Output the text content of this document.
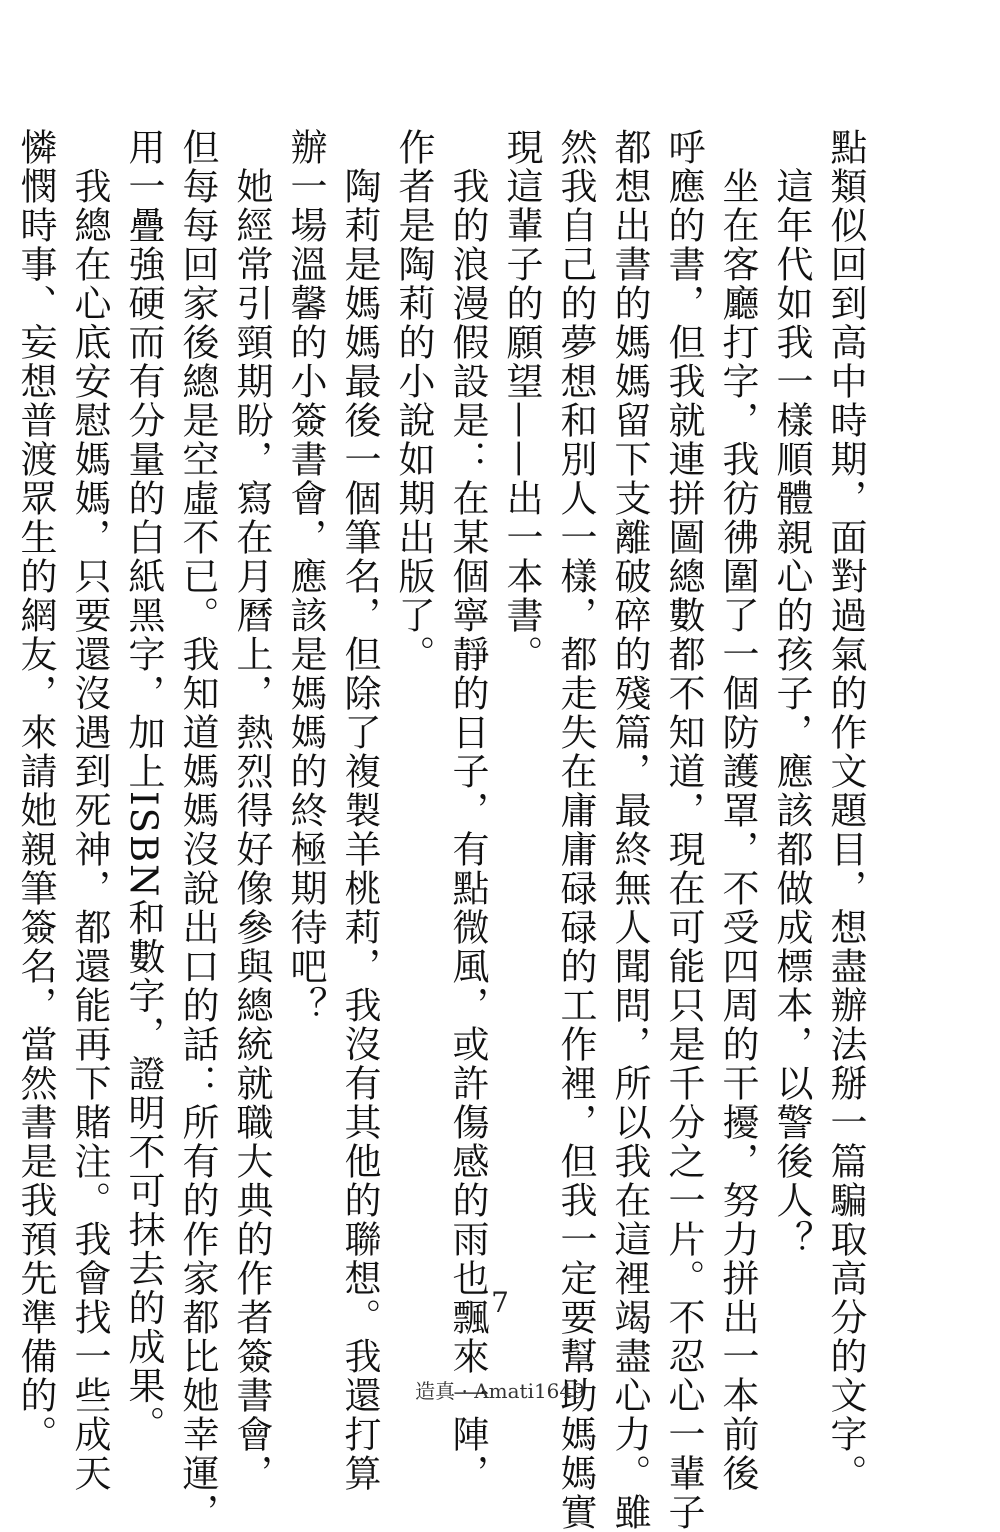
點類似回到高中時期，面對過氣的作文題目，想盡辦法掰一篇騙取高分的文字。
　這年代如我一樣順體親心的孩子，應該都做成標本，以警後人？
　坐在客廳打字，我彷彿圍了一個防護罩，不受四周的干擾，努力拼出一本前後
呼應的書，但我就連拼圖總數都不知道，現在可能只是千分之一片。不忍心一輩子
都想出書的媽媽留下支離破碎的殘篇，最終無人聞問，所以我在這裡竭盡心力。雖
然我自己的夢想和別人一樣，都走失在庸庸碌碌的工作裡，但我一定要幫助媽媽實
現這輩子的願望——出一本書。
　我的浪漫假設是：在某個寧靜的日子，有點微風，或許傷感的雨也飄來一陣，
作者是陶莉的小說如期出版了。
　陶莉是媽媽最後一個筆名，但除了複製羊桃莉，我沒有其他的聯想。我還打算
辦一場溫馨的小簽書會，應該是媽媽的終極期待吧？
　她經常引頸期盼，寫在月曆上，熱烈得好像參與總統就職大典的作者簽書會，
但每每回家後總是空虛不已。我知道媽媽沒說出口的話：所有的作家都比她幸運，
用一疊強硬而有分量的白紙黑字，加上ISBN和數字，證明不可抹去的成果。
　我總在心底安慰媽媽，只要還沒遇到死神，都還能再下賭注。我會找一些成天
憐憫時事、妄想普渡眾生的網友，來請她親筆簽名，當然書是我預先準備的。	7
造真 · Amati1649
